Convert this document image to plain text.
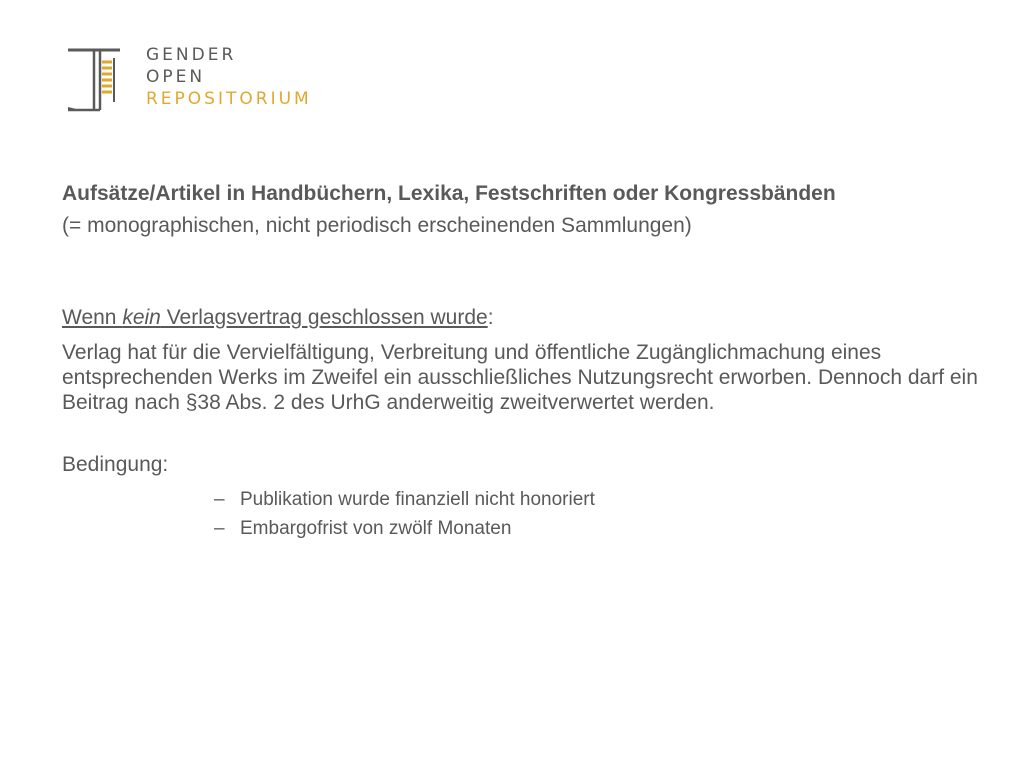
GENDER
OPEN
REPOSITORIUM

Aufsätze/Artikel in Handbüchern, Lexika, Festschriften oder Kongressbänden

(= monographischen, nicht periodisch erscheinenden Sammlungen)

Wenn kein Verlagsvertrag geschlossen wurde:

Verlag hat für die Vervielfältigung, Verbreitung und öffentliche Zugänglichmachung eines entsprechenden Werks im Zweifel ein ausschließliches Nutzungsrecht erworben. Dennoch darf ein Beitrag nach §38 Abs. 2 des UrhG anderweitig zweitverwertet werden.

Bedingung:

– Publikation wurde finanziell nicht honoriert
– Embargofrist von zwölf Monaten
